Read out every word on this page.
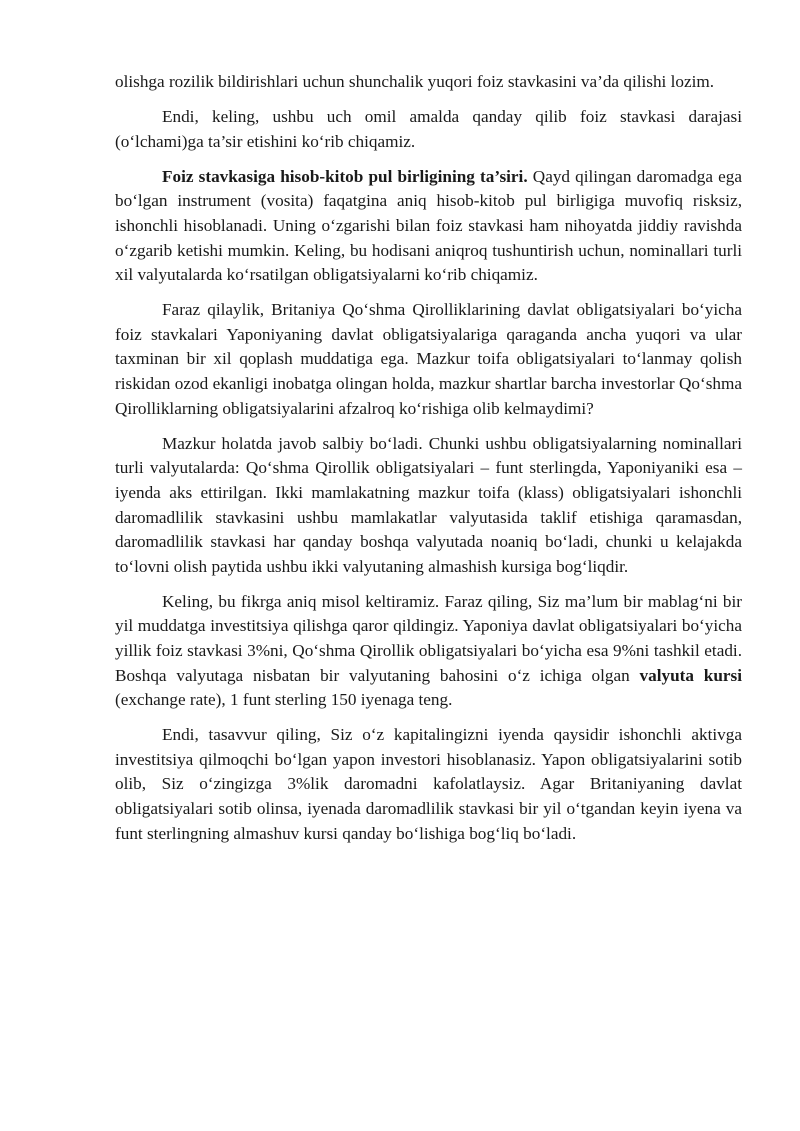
olishga rozilik bildirishlari uchun shunchalik yuqori foiz stavkasini va’da qilishi lozim.

Endi, keling, ushbu uch omil amalda qanday qilib foiz stavkasi darajasi (o‘lchami)ga ta’sir etishini ko‘rib chiqamiz.

Foiz stavkasiga hisob-kitob pul birligining ta’siri. Qayd qilingan daromadga ega bo‘lgan instrument (vosita) faqatgina aniq hisob-kitob pul birligiga muvofiq risksiz, ishonchli hisoblanadi. Uning o‘zgarishi bilan foiz stavkasi ham nihoyatda jiddiy ravishda o‘zgarib ketishi mumkin. Keling, bu hodisani aniqroq tushuntirish uchun, nominallari turli xil valyutalarda ko‘rsatilgan obligatsiyalarni ko‘rib chiqamiz.

Faraz qilaylik, Britaniya Qo‘shma Qirolliklarining davlat obligatsiyalari bo‘yicha foiz stavkalari Yaponiyaning davlat obligatsiyalariga qaraganda ancha yuqori va ular taxminan bir xil qoplash muddatiga ega. Mazkur toifa obligatsiyalari to‘lanmay qolish riskidan ozod ekanligi inobatga olingan holda, mazkur shartlar barcha investorlar Qo‘shma Qirolliklarning obligatsiyalarini afzalroq ko‘rishiga olib kelmaydimi?

Mazkur holatda javob salbiy bo‘ladi. Chunki ushbu obligatsiyalarning nominallari turli valyutalarda: Qo‘shma Qirollik obligatsiyalari – funt sterlingda, Yaponiyaniki esa – iyenda aks ettirilgan. Ikki mamlakatning mazkur toifa (klass) obligatsiyalari ishonchli daromadlilik stavkasini ushbu mamlakatlar valyutasida taklif etishiga qaramasdan, daromadlilik stavkasi har qanday boshqa valyutada noaniq bo‘ladi, chunki u kelajakda to‘lovni olish paytida ushbu ikki valyutaning almashish kursiga bog‘liqdir.

Keling, bu fikrga aniq misol keltiramiz. Faraz qiling, Siz ma’lum bir mablag‘ni bir yil muddatga investitsiya qilishga qaror qildingiz. Yaponiya davlat obligatsiyalari bo‘yicha yillik foiz stavkasi 3%ni, Qo‘shma Qirollik obligatsiyalari bo‘yicha esa 9%ni tashkil etadi. Boshqa valyutaga nisbatan bir valyutaning bahosini o‘z ichiga olgan valyuta kursi (exchange rate), 1 funt sterling 150 iyenaga teng.

Endi, tasavvur qiling, Siz o‘z kapitalingizni iyenda qaysidir ishonchli aktivga investitsiya qilmoqchi bo‘lgan yapon investori hisoblanasiz. Yapon obligatsiyalarini sotib olib, Siz o‘zingizga 3%lik daromadni kafolatlaysiz. Agar Britaniyaning davlat obligatsiyalari sotib olinsa, iyenada daromadlilik stavkasi bir yil o‘tgandan keyin iyena va funt sterlingning almashuv kursi qanday bo‘lishiga bog‘liq bo‘ladi.
